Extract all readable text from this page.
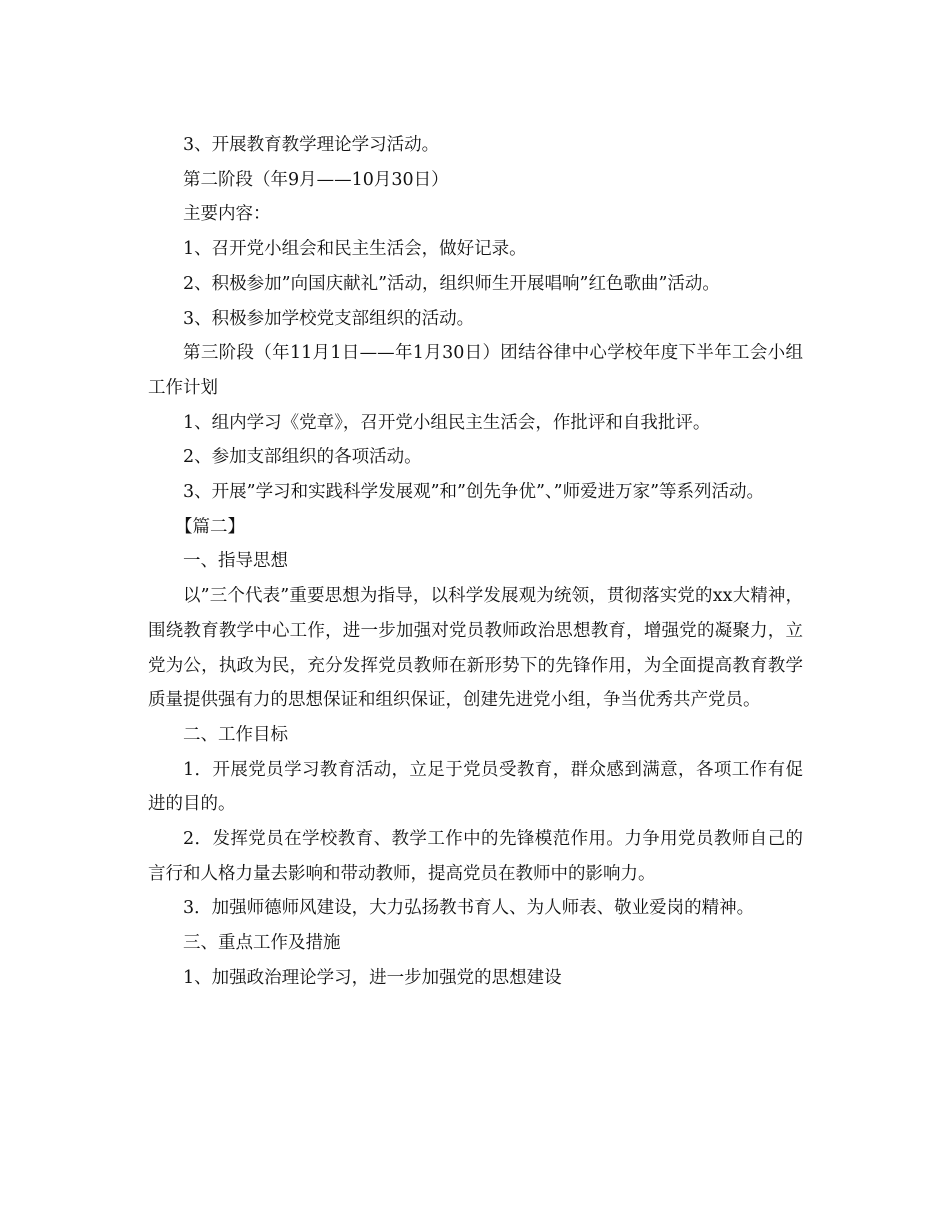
3、开展教育教学理论学习活动。

第二阶段（年9月——10月30日）

主要内容：

1、召开党小组会和民主生活会，做好记录。

2、积极参加”向国庆献礼”活动，组织师生开展唱响”红色歌曲”活动。

3、积极参加学校党支部组织的活动。

第三阶段（年11月1日——年1月30日）团结谷律中心学校年度下半年工会小组工作计划

1、组内学习《党章》，召开党小组民主生活会，作批评和自我批评。

2、参加支部组织的各项活动。

3、开展”学习和实践科学发展观”和”创先争优”、”师爱进万家”等系列活动。

【篇二】

一、指导思想

以”三个代表”重要思想为指导，以科学发展观为统领，贯彻落实党的xx大精神，围绕教育教学中心工作，进一步加强对党员教师政治思想教育，增强党的凝聚力，立党为公，执政为民，充分发挥党员教师在新形势下的先锋作用，为全面提高教育教学质量提供强有力的思想保证和组织保证，创建先进党小组，争当优秀共产党员。

二、工作目标

1．开展党员学习教育活动，立足于党员受教育，群众感到满意，各项工作有促进的目的。

2．发挥党员在学校教育、教学工作中的先锋模范作用。力争用党员教师自己的言行和人格力量去影响和带动教师，提高党员在教师中的影响力。

3．加强师德师风建设，大力弘扬教书育人、为人师表、敬业爱岗的精神。

三、重点工作及措施

1、加强政治理论学习，进一步加强党的思想建设
